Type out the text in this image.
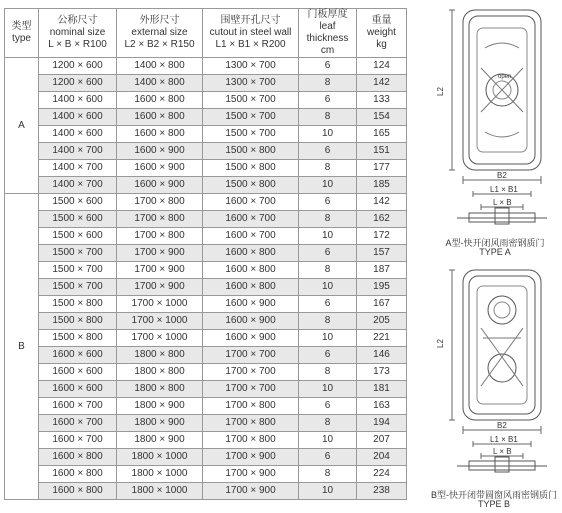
类型
type	公称尺寸
nominal size
L × B × R100	外形尺寸
external size
L2 × B2 × R150	围壁开孔尺寸
cutout in steel wall
L1 × B1 × R200	门板厚度
leaf thickness
cm	重量
weight
kg

A	1200 × 600	1400 × 800	1300 × 700	6	124
	1200 × 600	1400 × 800	1300 × 700	8	142
	1400 × 600	1600 × 800	1500 × 700	6	133
	1400 × 600	1600 × 800	1500 × 700	8	154
	1400 × 600	1600 × 800	1500 × 700	10	165
	1400 × 700	1600 × 900	1500 × 800	6	151
	1400 × 700	1600 × 900	1500 × 800	8	177
	1400 × 700	1600 × 900	1500 × 800	10	185
B	1500 × 600	1700 × 800	1600 × 700	6	142
	1500 × 600	1700 × 800	1600 × 700	8	162
	1500 × 600	1700 × 800	1600 × 700	10	172
	1500 × 700	1700 × 900	1600 × 800	6	157
	1500 × 700	1700 × 900	1600 × 800	8	187
	1500 × 700	1700 × 900	1600 × 800	10	195
	1500 × 800	1700 × 1000	1600 × 900	6	167
	1500 × 800	1700 × 1000	1600 × 900	8	205
	1500 × 800	1700 × 1000	1600 × 900	10	221
	1600 × 600	1800 × 800	1700 × 700	6	146
	1600 × 600	1800 × 800	1700 × 700	8	173
	1600 × 600	1800 × 800	1700 × 700	10	181
	1600 × 700	1800 × 900	1700 × 800	6	163
	1600 × 700	1800 × 900	1700 × 800	8	194
	1600 × 700	1800 × 900	1700 × 800	10	207
	1600 × 800	1800 × 1000	1700 × 900	6	204
	1600 × 800	1800 × 1000	1700 × 900	8	224
	1600 × 800	1800 × 1000	1700 × 900	10	238
L2
open
B2
L1 × B1
L × B
A型-快开闭风雨密钢质门
TYPE A
L2
B2
L1 × B1
L × B
B型-快开闭带圆窗风雨密钢质门
TYPE B
